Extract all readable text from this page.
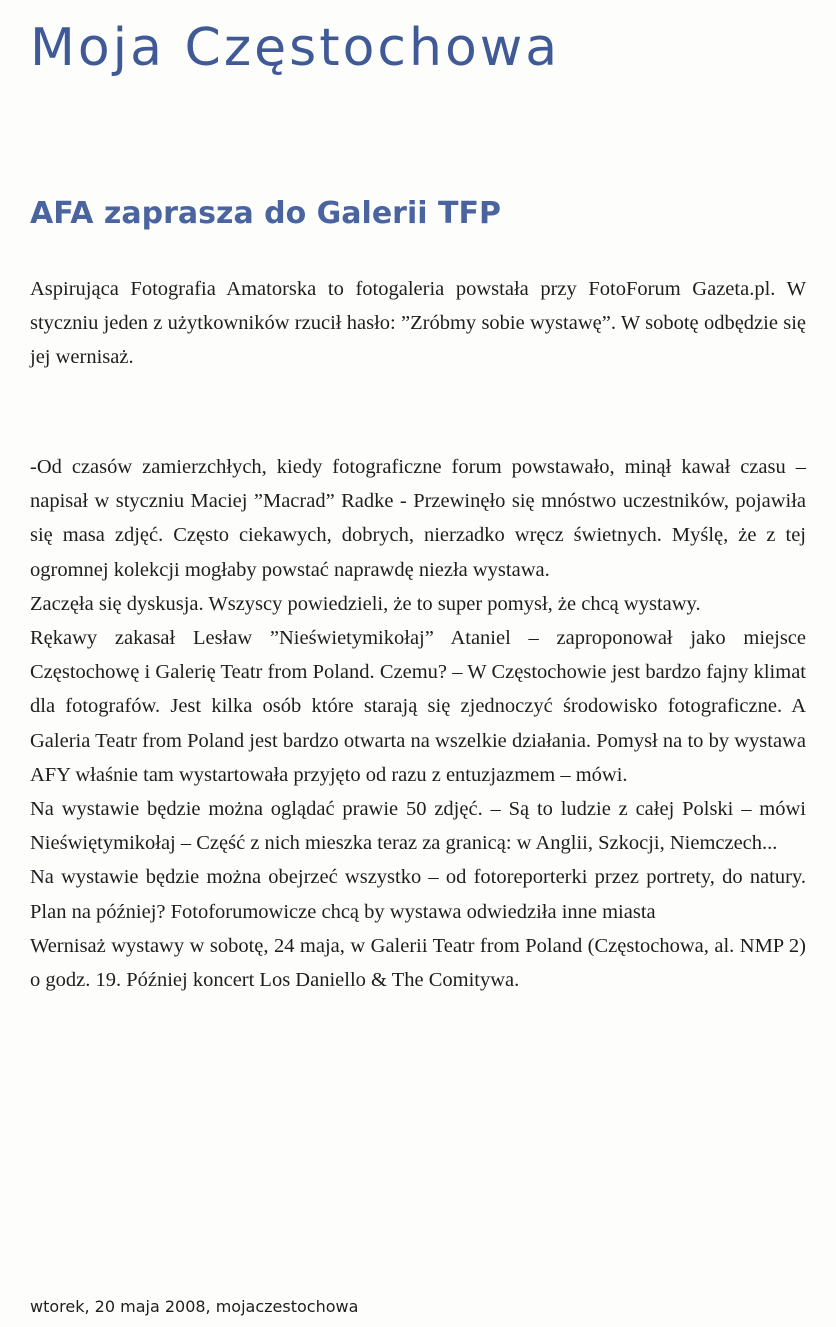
Moja Częstochowa
AFA zaprasza do Galerii TFP

Aspirująca Fotografia Amatorska to fotogaleria powstała przy FotoForum Gazeta.pl. W styczniu jeden z użytkowników rzucił hasło: ”Zróbmy sobie wystawę”. W sobotę odbędzie się jej wernisaż.

-Od czasów zamierzchłych, kiedy fotograficzne forum powstawało, minął kawał czasu – napisał w styczniu Maciej ”Macrad” Radke - Przewinęło się mnóstwo uczestników, pojawiła się masa zdjęć. Często ciekawych, dobrych, nierzadko wręcz świetnych. Myślę, że z tej ogromnej kolekcji mogłaby powstać naprawdę niezła wystawa.

Zaczęła się dyskusja. Wszyscy powiedzieli, że to super pomysł, że chcą wystawy.

Rękawy zakasał Lesław ”Nieświetymikołaj” Ataniel – zaproponował jako miejsce Częstochowę i Galerię Teatr from Poland. Czemu? – W Częstochowie jest bardzo fajny klimat dla fotografów. Jest kilka osób które starają się zjednoczyć środowisko fotograficzne. A Galeria Teatr from Poland jest bardzo otwarta na wszelkie działania. Pomysł na to by wystawa AFY właśnie tam wystartowała przyjęto od razu z entuzjazmem – mówi.

Na wystawie będzie można oglądać prawie 50 zdjęć. – Są to ludzie z całej Polski – mówi Nieświętymikołaj – Część z nich mieszka teraz za granicą: w Anglii, Szkocji, Niemczech...

Na wystawie będzie można obejrzeć wszystko – od fotoreporterki przez portrety, do natury. Plan na później? Fotoforumowicze chcą by wystawa odwiedziła inne miasta

Wernisaż wystawy w sobotę, 24 maja, w Galerii Teatr from Poland (Częstochowa, al. NMP 2) o godz. 19. Później koncert Los Daniello & The Comitywa.

wtorek, 20 maja 2008, mojaczestochowa
